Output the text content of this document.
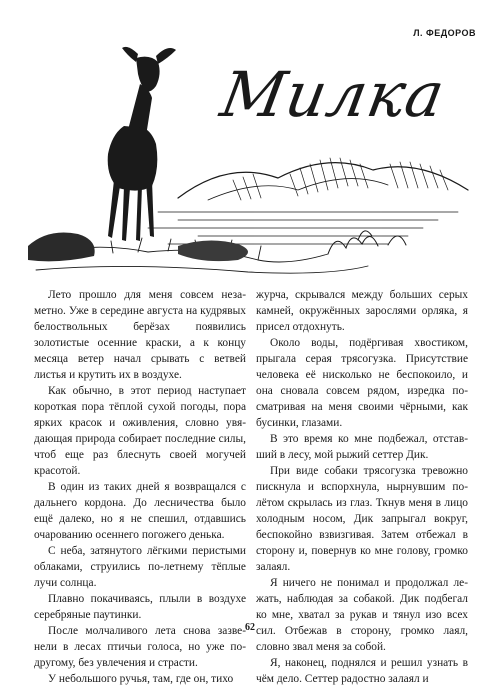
Л. ФЕДОРОВ
Милка

Лето прошло для меня совсем незаметно. Уже в середине августа на кудрявых белоствольных берёзах появились золотистые осенние краски, а к концу месяца ветер начал срывать с ветвей листья и крутить их в воздухе.

Как обычно, в этот период наступает короткая пора тёплой сухой погоды, пора ярких красок и оживления, словно увядающая природа собирает последние силы, чтоб еще раз блеснуть своей могучей красотой.

В один из таких дней я возвращался с дальнего кордона. До лесничества было ещё далеко, но я не спешил, отдавшись очарованию осеннего погожего денька.

С неба, затянутого лёгкими перистыми облаками, струились по-летнему тёплые лучи солнца.

Плавно покачиваясь, плыли в воздухе серебряные паутинки.

После молчаливого лета снова зазвенели в лесах птичьи голоса, но уже по-другому, без увлечения и страсти.

У небольшого ручья, там, где он, тихо

журча, скрывался между больших серых камней, окружённых зарослями орляка, я присел отдохнуть.

Около воды, подёргивая хвостиком, прыгала серая трясогузка. Присутствие человека её нисколько не беспокоило, и она сновала совсем рядом, изредка посматривая на меня своими чёрными, как бусинки, глазами.

В это время ко мне подбежал, отставший в лесу, мой рыжий сеттер Дик.

При виде собаки трясогузка тревожно пискнула и вспорхнула, нырнувшим полётом скрылась из глаз. Ткнув меня в лицо холодным носом, Дик запрыгал вокруг, беспокойно взвизгивая. Затем отбежал в сторону и, повернув ко мне голову, громко залаял.

Я ничего не понимал и продолжал лежать, наблюдая за собакой. Дик подбегал ко мне, хватал за рукав и тянул изо всех сил. Отбежав в сторону, громко лаял, словно звал меня за собой.

Я, наконец, поднялся и решил узнать в чём дело. Сеттер радостно залаял и

62
